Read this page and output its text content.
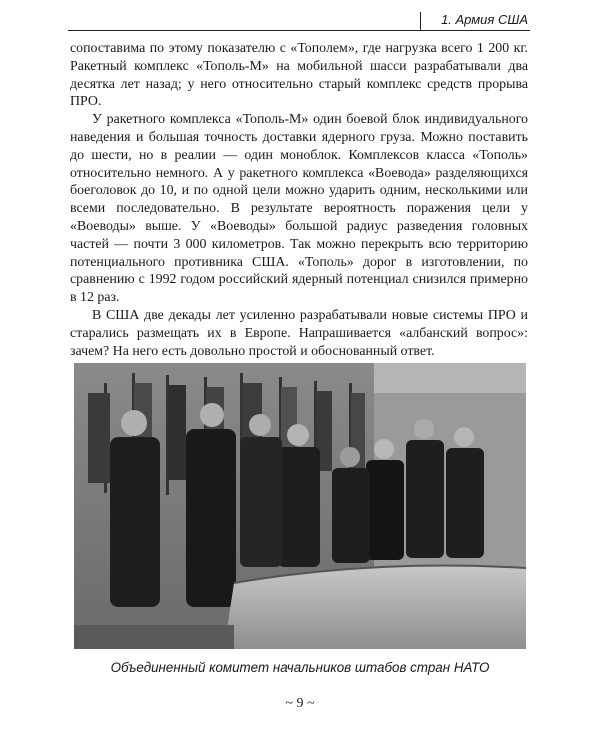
1. Армия США

сопоставима по этому показателю с «Тополем», где нагрузка всего 1 200 кг. Ракетный комплекс «Тополь-М» на мобильной шасси разрабатывали два десятка лет назад; у него относительно старый комплекс средств прорыва ПРО.

У ракетного комплекса «Тополь-М» один боевой блок индивидуального наведения и большая точность доставки ядерного груза. Можно поставить до шести, но в реалии — один моноблок. Комплексов класса «Тополь» относительно немного. А у ракетного комплекса «Воевода» разделяющихся боеголовок до 10, и по одной цели можно ударить одним, несколькими или всеми последовательно. В результате вероятность поражения цели у «Воеводы» выше. У «Воеводы» большой радиус разведения головных частей — почти 3 000 километров. Так можно перекрыть всю территорию потенциального противника США. «Тополь» дорог в изготовлении, по сравнению с 1992 годом российский ядерный потенциал снизился примерно в 12 раз.

В США две декады лет усиленно разрабатывали новые системы ПРО и старались размещать их в Европе. Напрашивается «албанский вопрос»: зачем? На него есть довольно простой и обоснованный ответ.

Объединенный комитет начальников штабов стран НАТО
~ 9 ~
